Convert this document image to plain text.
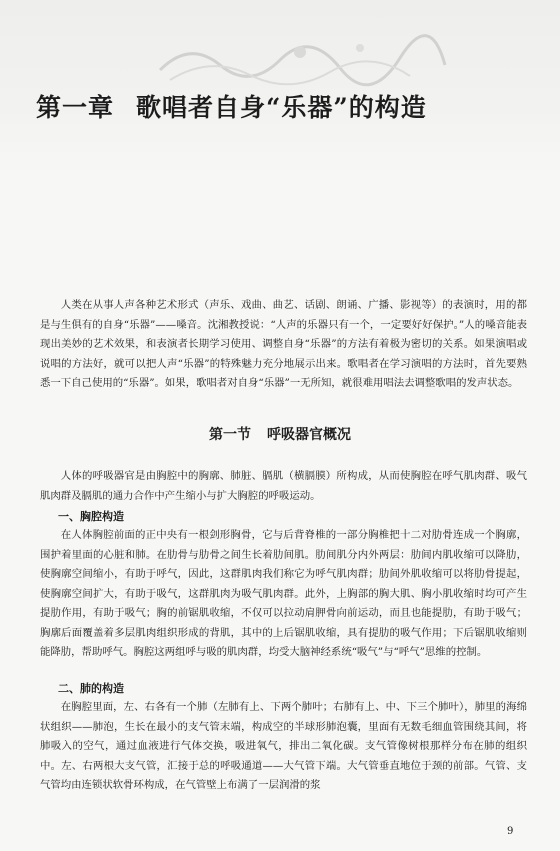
第一章 歌唱者自身“乐器”的构造

人类在从事人声各种艺术形式（声乐、戏曲、曲艺、话剧、朗诵、广播、影视等）的表演时，用的都是与生俱有的自身“乐器”——嗓音。沈湘教授说：“人声的乐器只有一个，一定要好好保护。”人的嗓音能表现出美妙的艺术效果，和表演者长期学习使用、调整自身“乐器”的方法有着极为密切的关系。如果演唱或说唱的方法好，就可以把人声“乐器”的特殊魅力充分地展示出来。歌唱者在学习演唱的方法时，首先要熟悉一下自己使用的“乐器”。如果，歌唱者对自身“乐器”一无所知，就很难用唱法去调整歌唱的发声状态。

第一节 呼吸器官概况

人体的呼吸器官是由胸腔中的胸廓、肺脏、膈肌（横膈膜）所构成，从而使胸腔在呼气肌肉群、吸气肌肉群及膈肌的通力合作中产生缩小与扩大胸腔的呼吸运动。

一、胸腔构造

在人体胸腔前面的正中央有一根剑形胸骨，它与后背脊椎的一部分胸椎把十二对肋骨连成一个胸廓，围护着里面的心脏和肺。在肋骨与肋骨之间生长着肋间肌。肋间肌分内外两层：肋间内肌收缩可以降肋，使胸廓空间缩小，有助于呼气，因此，这群肌肉我们称它为呼气肌肉群；肋间外肌收缩可以将肋骨提起，使胸廓空间扩大，有助于吸气，这群肌肉为吸气肌肉群。此外，上胸部的胸大肌、胸小肌收缩时均可产生提肋作用，有助于吸气；胸的前锯肌收缩，不仅可以拉动肩胛骨向前运动，而且也能提肋，有助于吸气；胸廓后面覆盖着多层肌肉组织形成的背肌，其中的上后锯肌收缩，具有提肋的吸气作用；下后锯肌收缩则能降肋，帮助呼气。胸腔这两组呼与吸的肌肉群，均受大脑神经系统“吸气”与“呼气”思维的控制。

二、肺的构造

在胸腔里面，左、右各有一个肺（左肺有上、下两个肺叶；右肺有上、中、下三个肺叶），肺里的海绵状组织——肺泡，生长在最小的支气管末端，构成空的半球形肺泡囊，里面有无数毛细血管围绕其间，将肺吸入的空气，通过血液进行气体交换，吸进氧气，排出二氧化碳。支气管像树根那样分布在肺的组织中。左、右两根大支气管，汇接于总的呼吸通道——大气管下端。大气管垂直地位于颈的前部。气管、支气管均由连锁状软骨环构成，在气管壁上布满了一层润滑的浆

9
